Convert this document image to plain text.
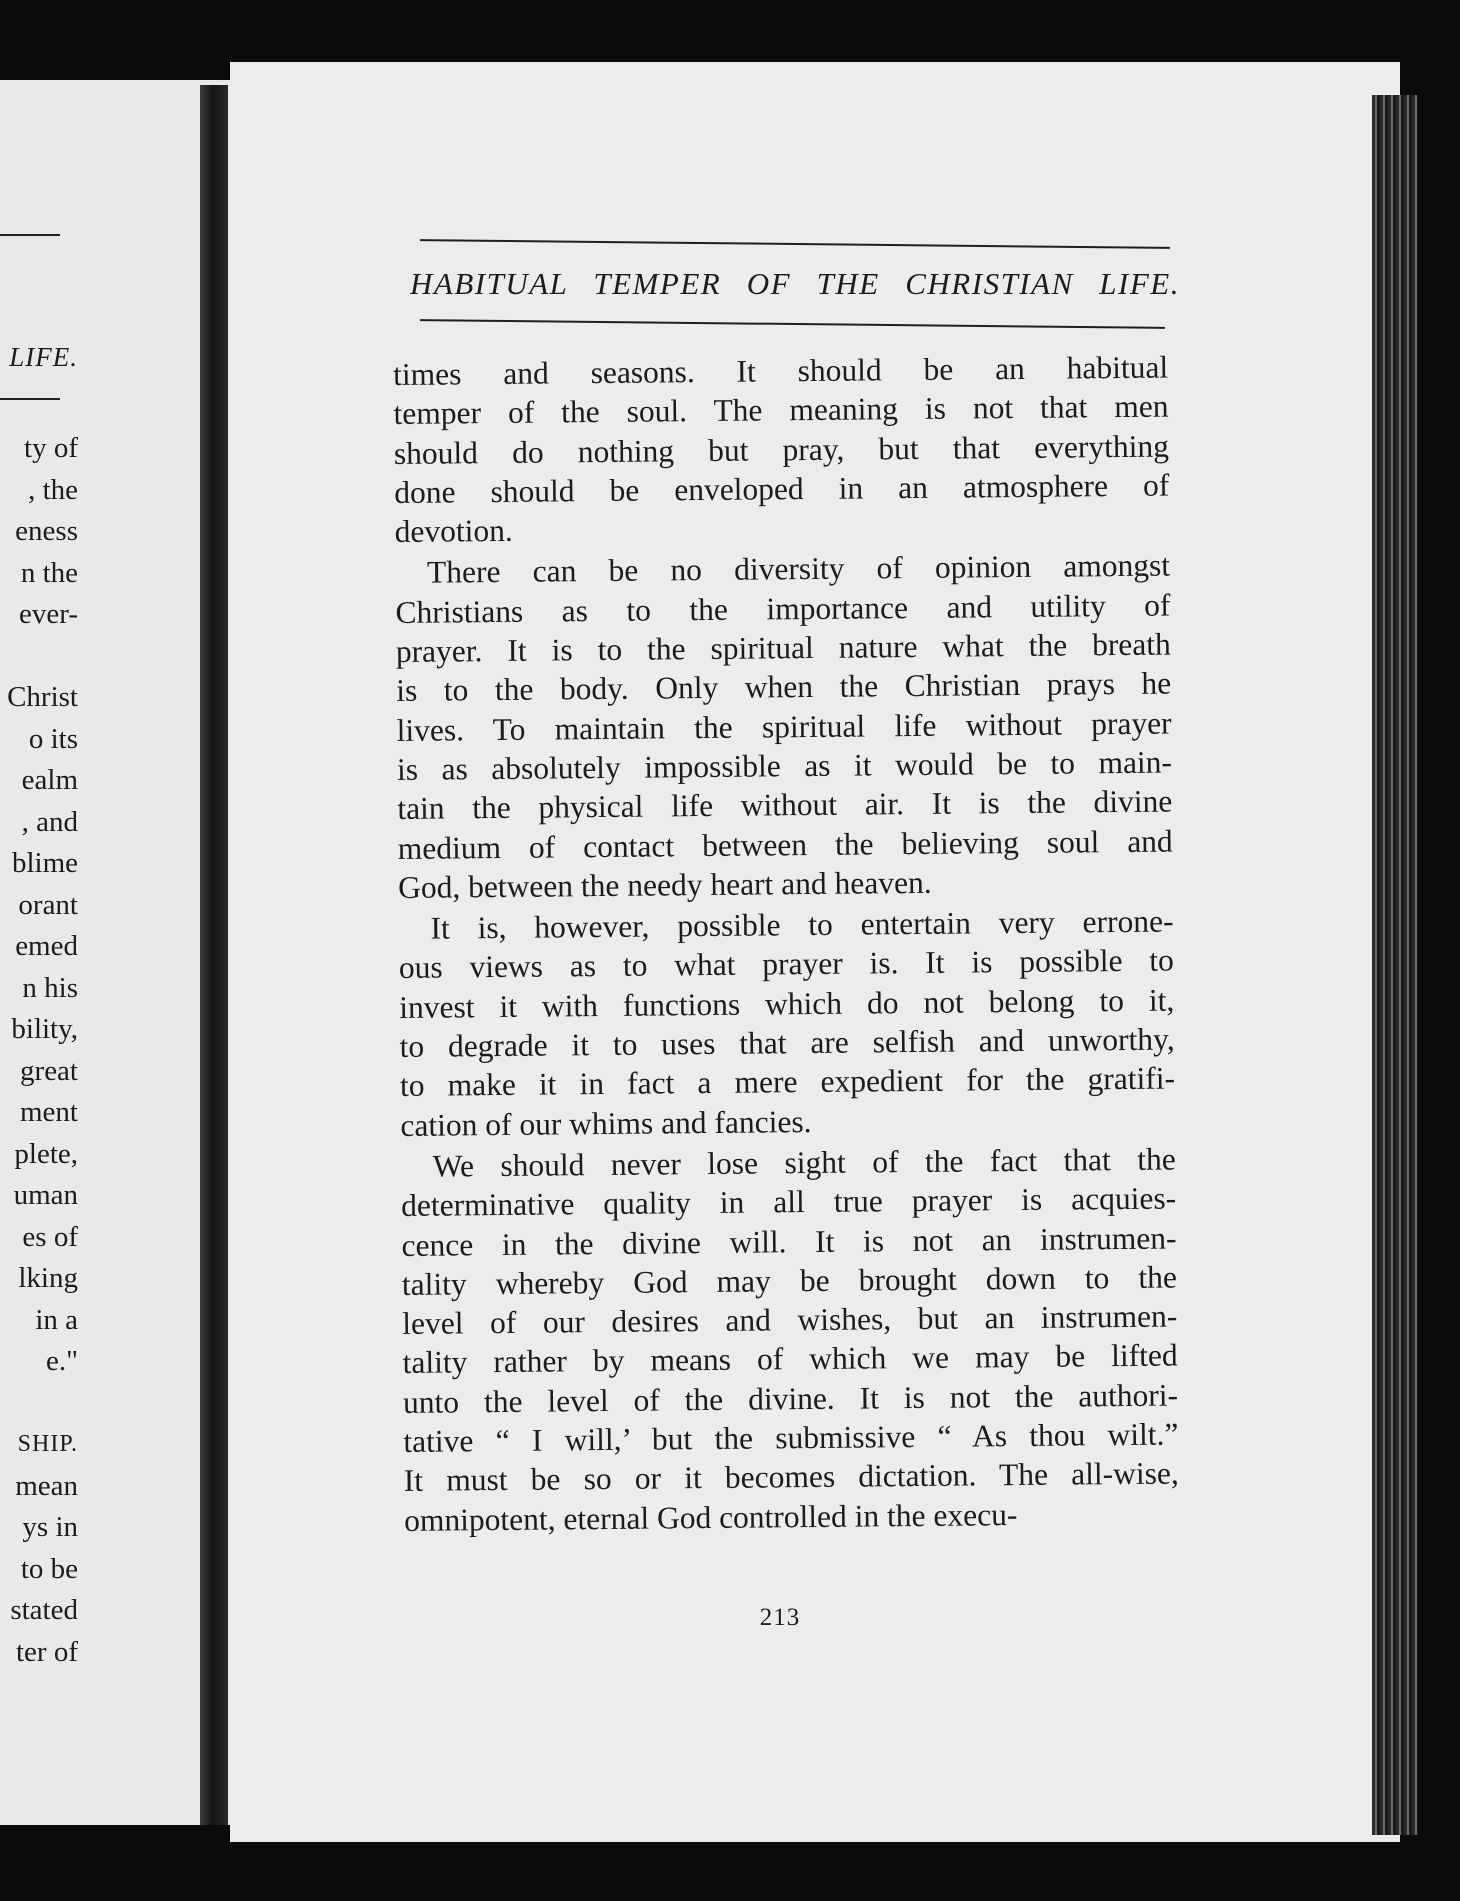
LIFE.
ty of
, the
eness
n the
ever-
Christ
o its
ealm
, and
blime
orant
emed
n his
bility,
great
ment
plete,
uman
es of
lking
in a
e."
SHIP.
mean
ys in
to be
stated
ter of
HABITUAL TEMPER OF THE CHRISTIAN LIFE.
times and seasons. It should be an habitual
temper of the soul. The meaning is not that men
should do nothing but pray, but that everything
done should be enveloped in an atmosphere of
devotion.
There can be no diversity of opinion amongst
Christians as to the importance and utility of
prayer. It is to the spiritual nature what the breath
is to the body. Only when the Christian prays he
lives. To maintain the spiritual life without prayer
is as absolutely impossible as it would be to main-
tain the physical life without air. It is the divine
medium of contact between the believing soul and
God, between the needy heart and heaven.
It is, however, possible to entertain very errone-
ous views as to what prayer is. It is possible to
invest it with functions which do not belong to it,
to degrade it to uses that are selfish and unworthy,
to make it in fact a mere expedient for the gratifi-
cation of our whims and fancies.
We should never lose sight of the fact that the
determinative quality in all true prayer is acquies-
cence in the divine will. It is not an instrumen-
tality whereby God may be brought down to the
level of our desires and wishes, but an instrumen-
tality rather by means of which we may be lifted
unto the level of the divine. It is not the authori-
tative “ I will,’ but the submissive “ As thou wilt.”
It must be so or it becomes dictation. The all-wise,
omnipotent, eternal God controlled in the execu-
213
